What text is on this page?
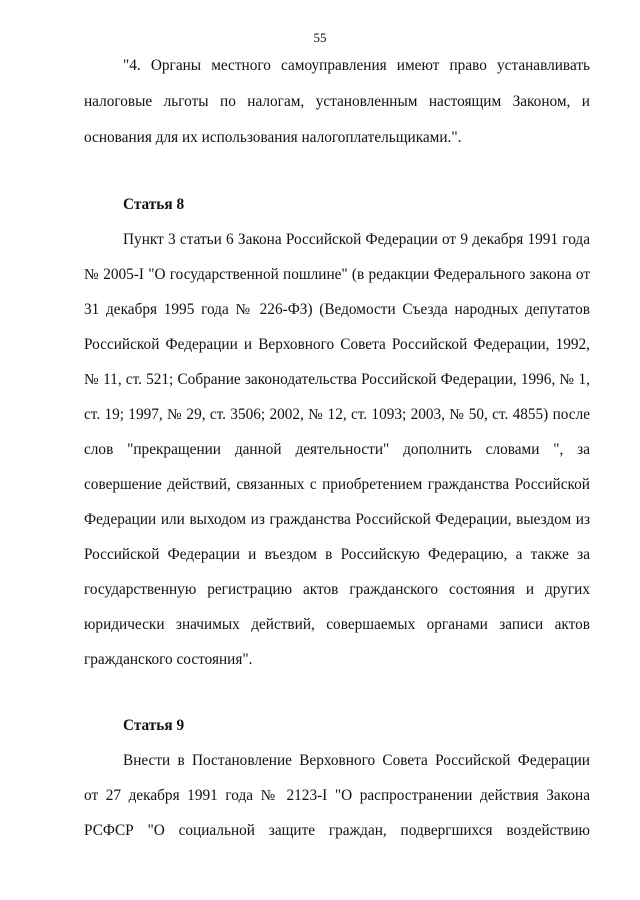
55
"4. Органы местного самоуправления имеют право устанавливать
налоговые льготы по налогам, установленным настоящим Законом, и
основания для их использования налогоплательщиками.".
Статья 8
Пункт 3 статьи 6 Закона Российской Федерации от 9 декабря 1991 года
№ 2005-I "О государственной пошлине" (в редакции Федерального закона от
31 декабря 1995 года № 226-ФЗ) (Ведомости Съезда народных депутатов
Российской Федерации и Верховного Совета Российской Федерации, 1992,
№ 11, ст. 521; Собрание законодательства Российской Федерации, 1996, № 1,
ст. 19; 1997, № 29, ст. 3506; 2002, № 12, ст. 1093; 2003, № 50, ст. 4855) после
слов "прекращении данной деятельности" дополнить словами ", за
совершение действий, связанных с приобретением гражданства Российской
Федерации или выходом из гражданства Российской Федерации, выездом из
Российской Федерации и въездом в Российскую Федерацию, а также за
государственную регистрацию актов гражданского состояния и других
юридически значимых действий, совершаемых органами записи актов
гражданского состояния".
Статья 9
Внести в Постановление Верховного Совета Российской Федерации
от 27 декабря 1991 года № 2123-I "О распространении действия Закона
РСФСР "О социальной защите граждан, подвергшихся воздействию
